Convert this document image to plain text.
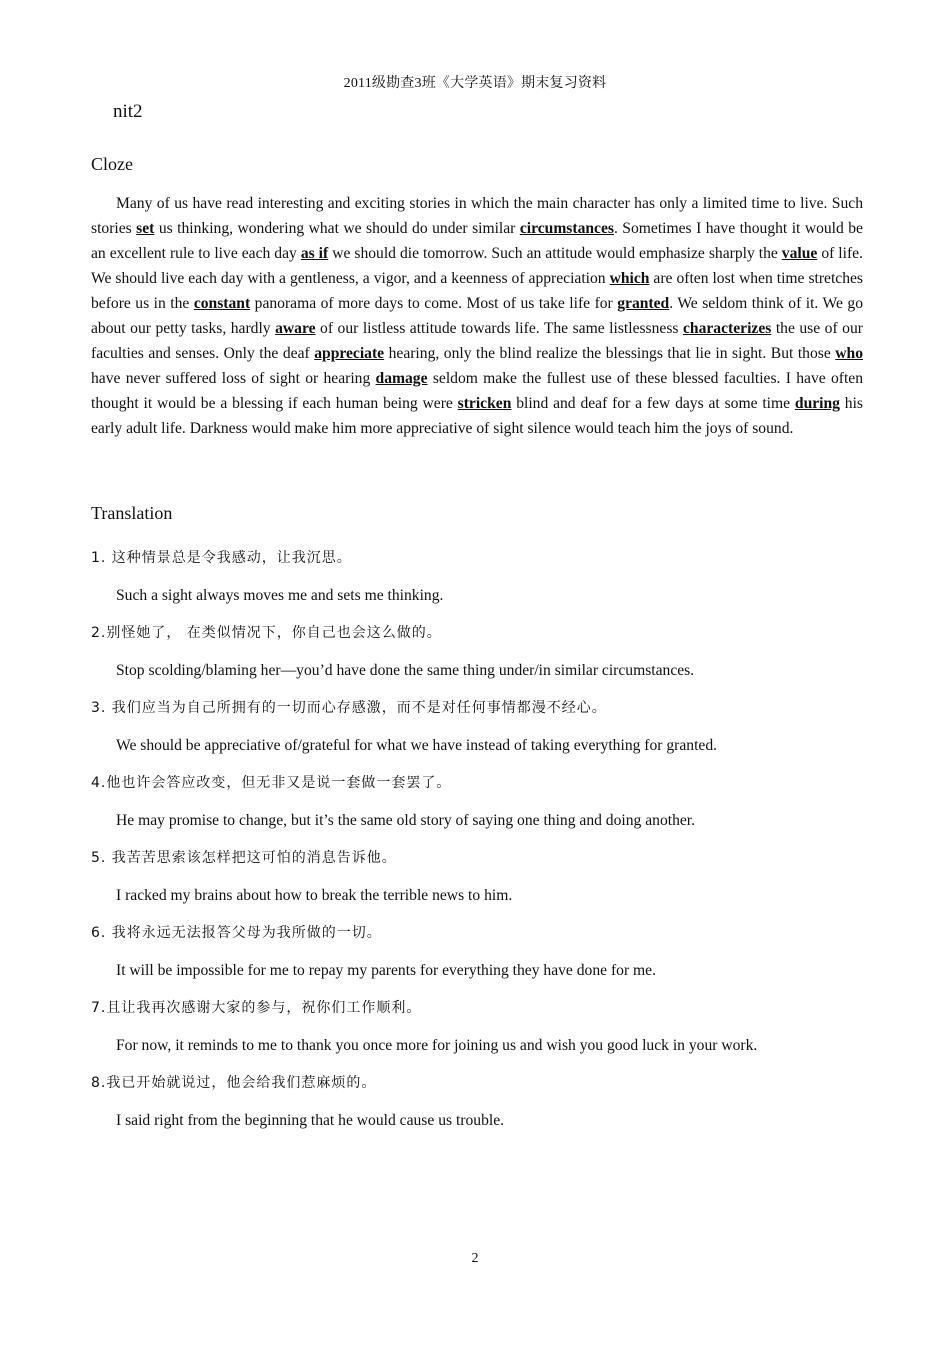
2011级勘查3班《大学英语》期末复习资料
nit2
Cloze

Many of us have read interesting and exciting stories in which the main character has only a limited time to live. Such stories set us thinking, wondering what we should do under similar circumstances. Sometimes I have thought it would be an excellent rule to live each day as if we should die tomorrow. Such an attitude would emphasize sharply the value of life. We should live each day with a gentleness, a vigor, and a keenness of appreciation which are often lost when time stretches before us in the constant panorama of more days to come. Most of us take life for granted. We seldom think of it. We go about our petty tasks, hardly aware of our listless attitude towards life. The same listlessness characterizes the use of our faculties and senses. Only the deaf appreciate hearing, only the blind realize the blessings that lie in sight. But those who have never suffered loss of sight or hearing damage seldom make the fullest use of these blessed faculties. I have often thought it would be a blessing if each human being were stricken blind and deaf for a few days at some time during his early adult life. Darkness would make him more appreciative of sight silence would teach him the joys of sound.

Translation
1. 这种情景总是令我感动，让我沉思。
Such a sight always moves me and sets me thinking.
2.别怪她了， 在类似情况下，你自己也会这么做的。
Stop scolding/blaming her—you’d have done the same thing under/in similar circumstances.
3. 我们应当为自己所拥有的一切而心存感激，而不是对任何事情都漫不经心。
We should be appreciative of/grateful for what we have instead of taking everything for granted.
4.他也许会答应改变，但无非又是说一套做一套罢了。
He may promise to change, but it’s the same old story of saying one thing and doing another.
5. 我苦苦思索该怎样把这可怕的消息告诉他。
I racked my brains about how to break the terrible news to him.
6. 我将永远无法报答父母为我所做的一切。
It will be impossible for me to repay my parents for everything they have done for me.
7.且让我再次感谢大家的参与，祝你们工作顺利。
For now, it reminds to me to thank you once more for joining us and wish you good luck in your work.
8.我已开始就说过，他会给我们惹麻烦的。
I said right from the beginning that he would cause us trouble.
2
